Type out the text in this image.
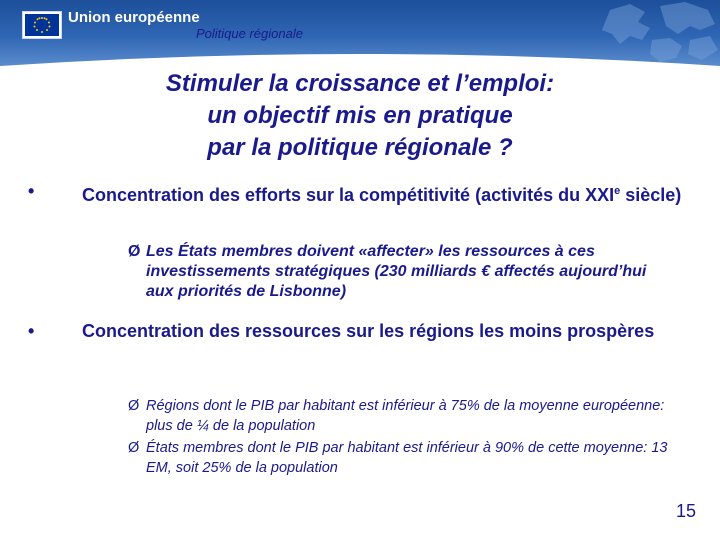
Union européenne
Politique régionale
Stimuler la croissance et l’emploi:
un objectif mis en pratique
par la politique régionale ?
•	Concentration des efforts sur la compétitivité (activités du XXIe siècle)
Ø Les États membres doivent «affecter» les ressources à ces investissements stratégiques (230 milliards € affectés aujourd’hui aux priorités de Lisbonne)
•	Concentration des ressources sur les régions les moins prospères
Ø Régions dont le PIB par habitant est inférieur à 75% de la moyenne européenne: plus de ¼ de la population
Ø États membres dont le PIB par habitant est inférieur à 90% de cette moyenne: 13 EM, soit 25% de la population
15
